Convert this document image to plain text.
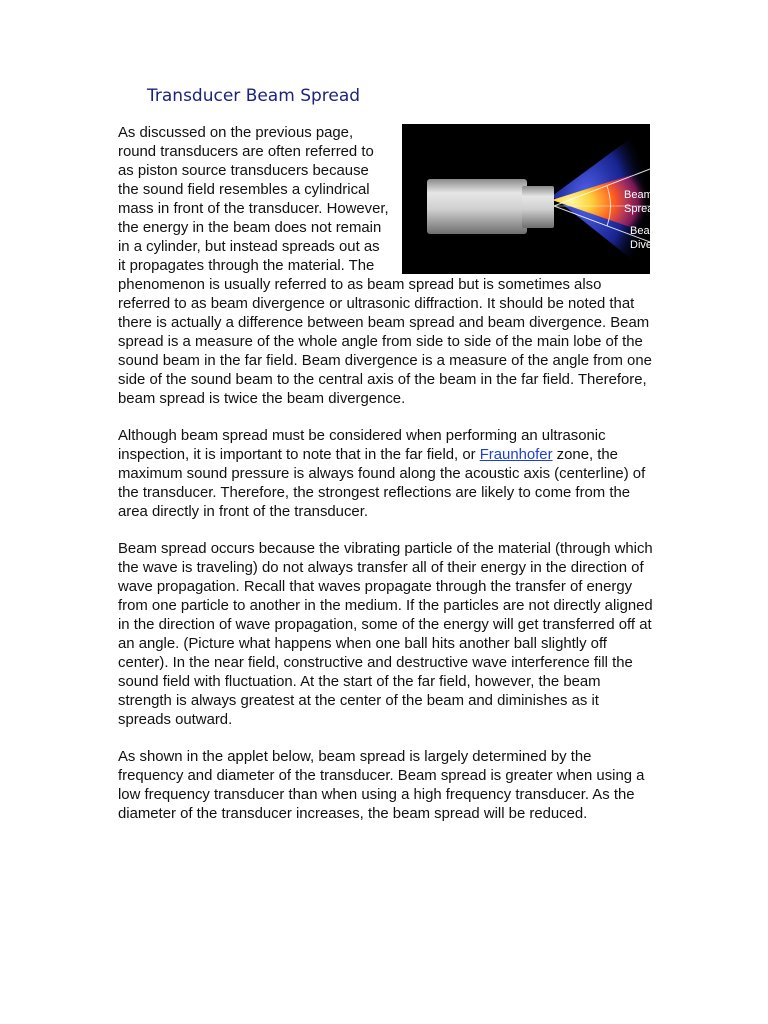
Transducer Beam Spread

Beam
Spread
Beam
Divergence
As discussed on the previous page, round transducers are often referred to as piston source transducers because the sound field resembles a cylindrical mass in front of the transducer. However, the energy in the beam does not remain in a cylinder, but instead spreads out as it propagates through the material. The phenomenon is usually referred to as beam spread but is sometimes also referred to as beam divergence or ultrasonic diffraction. It should be noted that there is actually a difference between beam spread and beam divergence. Beam spread is a measure of the whole angle from side to side of the main lobe of the sound beam in the far field. Beam divergence is a measure of the angle from one side of the sound beam to the central axis of the beam in the far field. Therefore, beam spread is twice the beam divergence.

Although beam spread must be considered when performing an ultrasonic inspection, it is important to note that in the far field, or Fraunhofer zone, the maximum sound pressure is always found along the acoustic axis (centerline) of the transducer. Therefore, the strongest reflections are likely to come from the area directly in front of the transducer.

Beam spread occurs because the vibrating particle of the material (through which the wave is traveling) do not always transfer all of their energy in the direction of wave propagation. Recall that waves propagate through the transfer of energy from one particle to another in the medium. If the particles are not directly aligned in the direction of wave propagation, some of the energy will get transferred off at an angle. (Picture what happens when one ball hits another ball slightly off center). In the near field, constructive and destructive wave interference fill the sound field with fluctuation. At the start of the far field, however, the beam strength is always greatest at the center of the beam and diminishes as it spreads outward.

As shown in the applet below, beam spread is largely determined by the frequency and diameter of the transducer. Beam spread is greater when using a low frequency transducer than when using a high frequency transducer. As the diameter of the transducer increases, the beam spread will be reduced.
